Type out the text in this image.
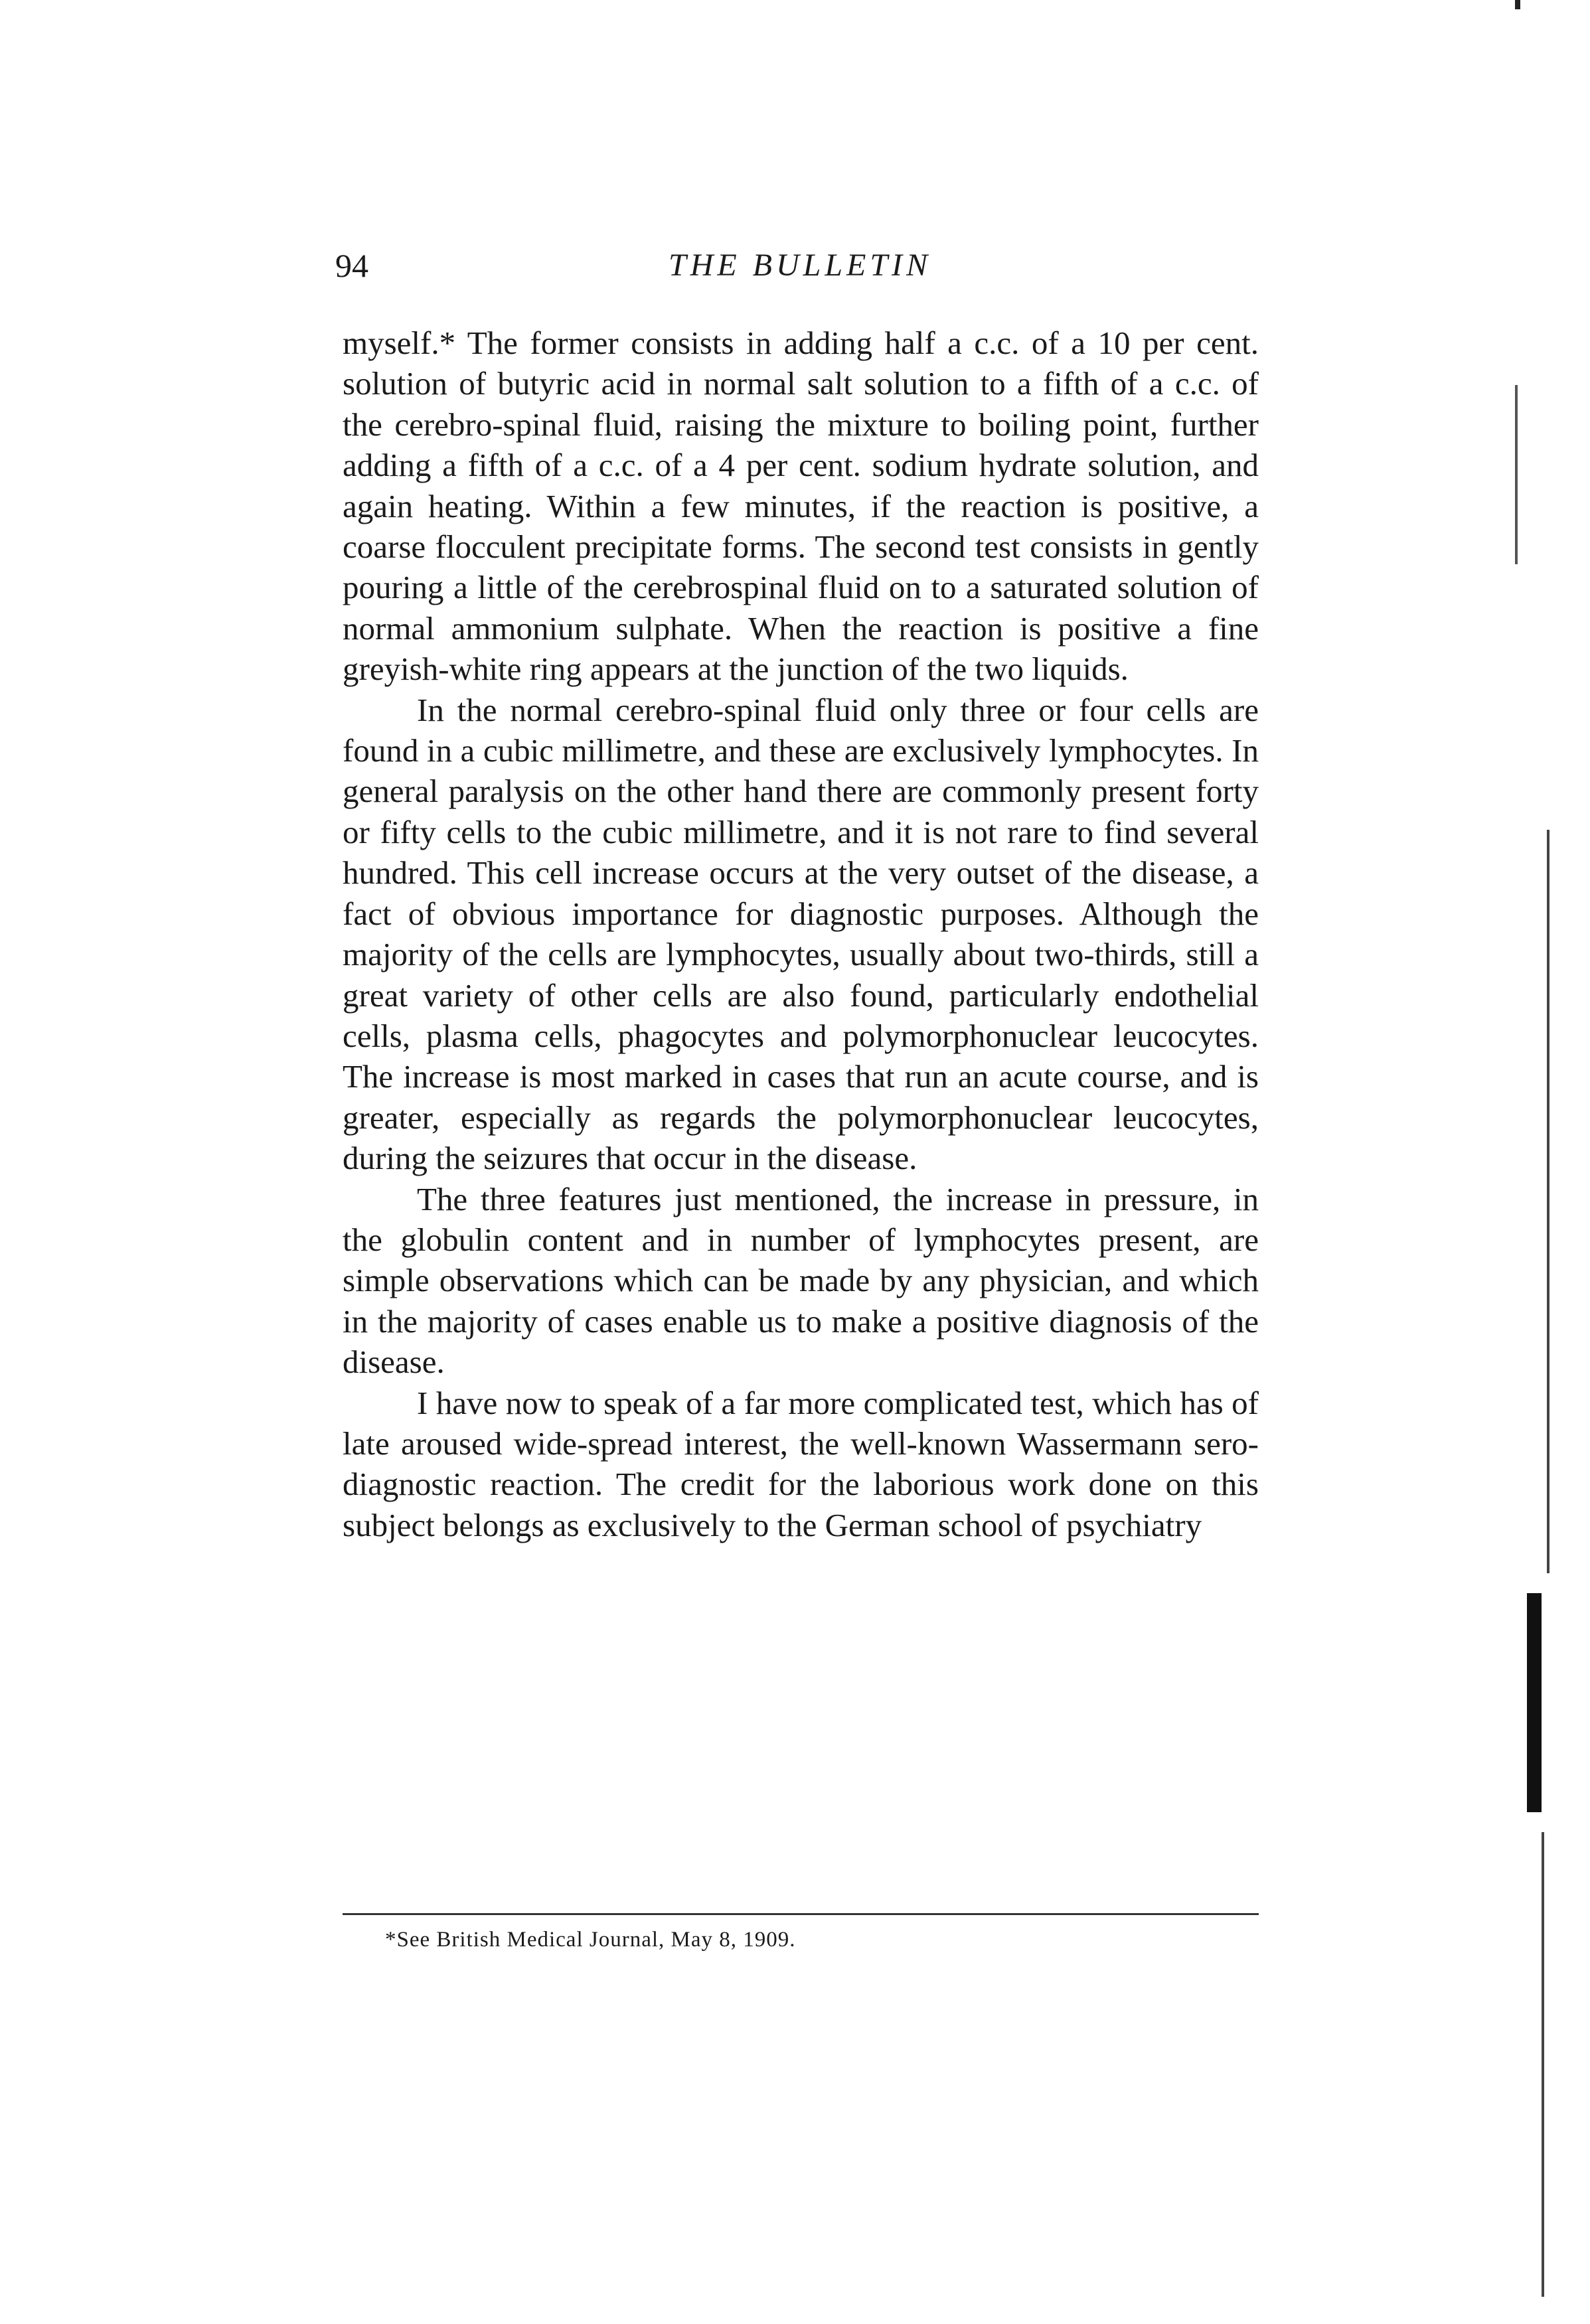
94	THE BULLETIN

myself.* The former consists in adding half a c.c. of a 10 per cent. solution of butyric acid in normal salt solution to a fifth of a c.c. of the cerebro-spinal fluid, raising the mixture to boiling point, further adding a fifth of a c.c. of a 4 per cent. sodium hydrate solution, and again heating. Within a few minutes, if the reaction is positive, a coarse flocculent precipitate forms. The second test consists in gently pouring a little of the cerebrospinal fluid on to a saturated solution of normal ammonium sulphate. When the reaction is positive a fine greyish-white ring appears at the junction of the two liquids.

In the normal cerebro-spinal fluid only three or four cells are found in a cubic millimetre, and these are exclusively lymphocytes. In general paralysis on the other hand there are commonly present forty or fifty cells to the cubic millimetre, and it is not rare to find several hundred. This cell increase occurs at the very outset of the disease, a fact of obvious importance for diagnostic purposes. Although the majority of the cells are lymphocytes, usually about two-thirds, still a great variety of other cells are also found, particularly endothelial cells, plasma cells, phagocytes and polymorphonuclear leucocytes. The increase is most marked in cases that run an acute course, and is greater, especially as regards the polymorphonuclear leucocytes, during the seizures that occur in the disease.

The three features just mentioned, the increase in pressure, in the globulin content and in number of lymphocytes present, are simple observations which can be made by any physician, and which in the majority of cases enable us to make a positive diagnosis of the disease.

I have now to speak of a far more complicated test, which has of late aroused wide-spread interest, the well-known Wassermann sero-diagnostic reaction. The credit for the laborious work done on this subject belongs as exclusively to the German school of psychiatry

*See British Medical Journal, May 8, 1909.
